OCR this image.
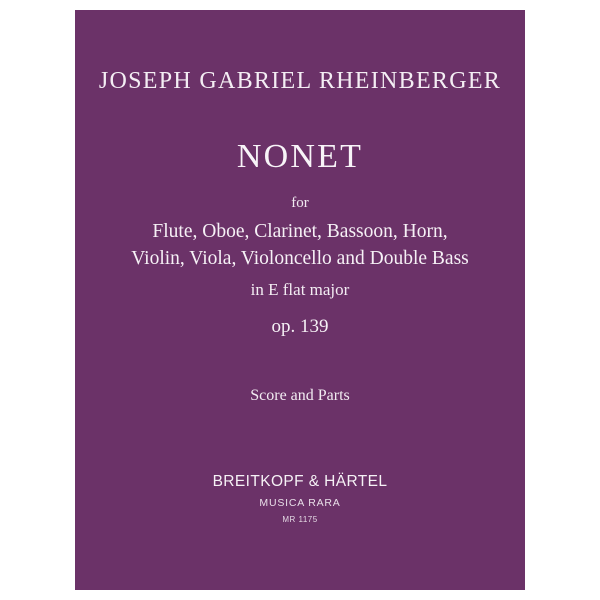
JOSEPH GABRIEL RHEINBERGER
NONET
for
Flute, Oboe, Clarinet, Bassoon, Horn,
Violin, Viola, Violoncello and Double Bass
in E flat major
op. 139
Score and Parts
BREITKOPF & HÄRTEL
MUSICA RARA
MR 1175
